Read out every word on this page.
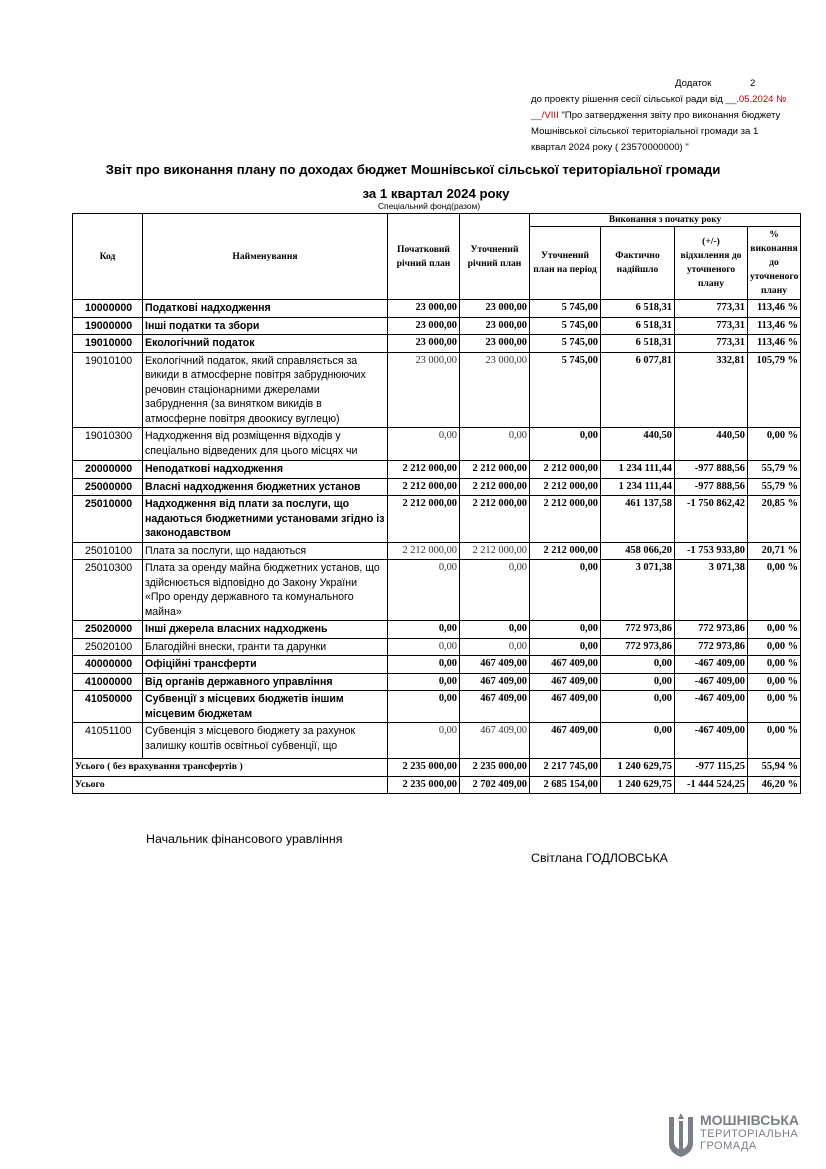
Додаток	2
до проекту рішення сесії сільської ради від __.05.2024 №
__/VIII "Про затвердження звіту про виконання бюджету
Мошнівської сільської територіальної громади за 1
квартал 2024 року ( 23570000000) "
Звіт про виконання плану по доходах бюджет Мошнівської сільської територіальної громади
за 1 квартал 2024 року
Спеціальний фонд(разом)
Код	Найменування	Початковий річний план	Уточнений річний план	Виконання з початку року			
				Уточнений план на період	Фактично надійшло	(+/-) відхилення до уточненого плану	% виконання до уточненого плану
10000000	Податкові надходження	23 000,00	23 000,00	5 745,00	6 518,31	773,31	113,46 %
19000000	Інші податки та збори	23 000,00	23 000,00	5 745,00	6 518,31	773,31	113,46 %
19010000	Екологічний податок	23 000,00	23 000,00	5 745,00	6 518,31	773,31	113,46 %
19010100	Екологічний податок, який справляється за викиди в атмосферне повітря забруднюючих речовин стаціонарними джерелами забруднення (за винятком викидів в атмосферне повітря двоокису вуглецю)	23 000,00	23 000,00	5 745,00	6 077,81	332,81	105,79 %
19010300	Надходження від розміщення відходів у спеціально відведених для цього місцях чи	0,00	0,00	0,00	440,50	440,50	0,00 %
20000000	Неподаткові надходження	2 212 000,00	2 212 000,00	2 212 000,00	1 234 111,44	-977 888,56	55,79 %
25000000	Власні надходження бюджетних установ	2 212 000,00	2 212 000,00	2 212 000,00	1 234 111,44	-977 888,56	55,79 %
25010000	Надходження від плати за послуги, що надаються бюджетними установами згідно із законодавством	2 212 000,00	2 212 000,00	2 212 000,00	461 137,58	-1 750 862,42	20,85 %
25010100	Плата за послуги, що надаються	2 212 000,00	2 212 000,00	2 212 000,00	458 066,20	-1 753 933,80	20,71 %
25010300	Плата за оренду майна бюджетних установ, що здійснюється відповідно до Закону України «Про оренду державного та комунального майна»	0,00	0,00	0,00	3 071,38	3 071,38	0,00 %
25020000	Інші джерела власних надходжень	0,00	0,00	0,00	772 973,86	772 973,86	0,00 %
25020100	Благодійні внески, гранти та дарунки	0,00	0,00	0,00	772 973,86	772 973,86	0,00 %
40000000	Офіційні трансферти	0,00	467 409,00	467 409,00	0,00	-467 409,00	0,00 %
41000000	Від органів державного управління	0,00	467 409,00	467 409,00	0,00	-467 409,00	0,00 %
41050000	Субвенції з місцевих бюджетів іншим місцевим бюджетам	0,00	467 409,00	467 409,00	0,00	-467 409,00	0,00 %
41051100	Субвенція з місцевого бюджету за рахунок залишку коштів освітньої субвенції, що	0,00	467 409,00	467 409,00	0,00	-467 409,00	0,00 %
Усього ( без врахування трансфертів )		2 235 000,00	2 235 000,00	2 217 745,00	1 240 629,75	-977 115,25	55,94 %
Усього		2 235 000,00	2 702 409,00	2 685 154,00	1 240 629,75	-1 444 524,25	46,20 %
Начальник фінансового уравління
Світлана ГОДЛОВСЬКА
МОШНІВСЬКА
ТЕРИТОРІАЛЬНА
ГРОМАДА
